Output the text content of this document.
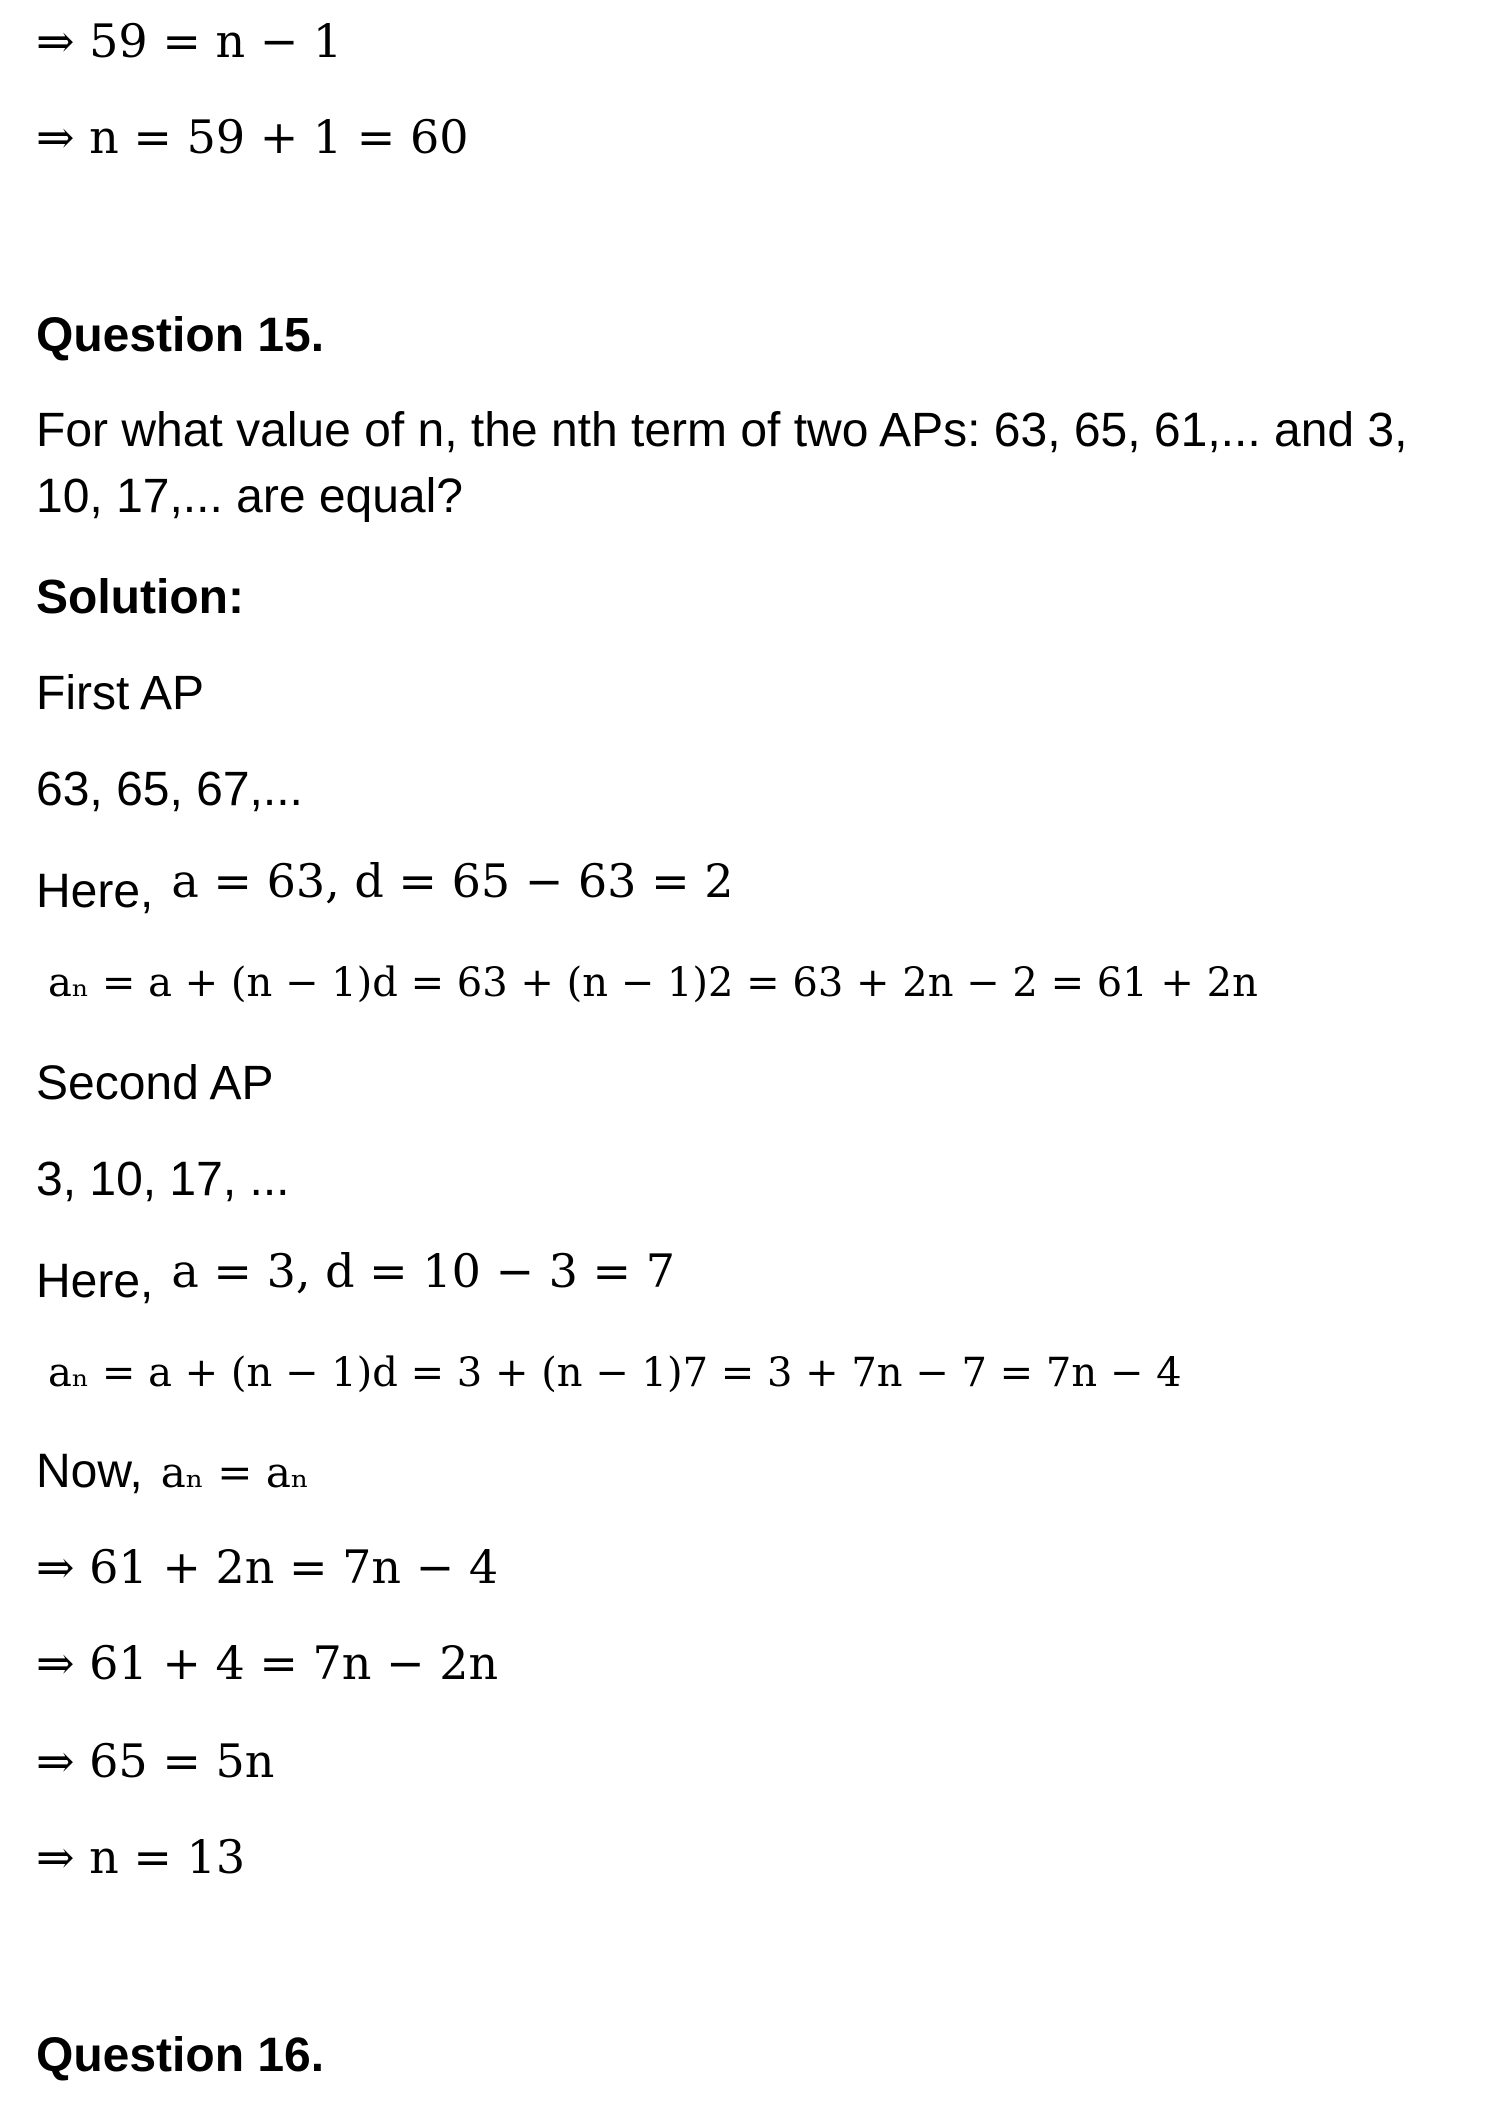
⇒ 59 = n − 1
⇒ n = 59 + 1 = 60
Question 15.
For what value of n, the nth term of two APs: 63, 65, 61,... and 3, 10, 17,... are equal?
Solution:
First AP
63, 65, 67,...
Here, a = 63, d = 65 − 63 = 2
aₙ = a + (n − 1)d = 63 + (n − 1)2 = 63 + 2n − 2 = 61 + 2n
Second AP
3, 10, 17, ...
Here, a = 3, d = 10 − 3 = 7
aₙ = a + (n − 1)d = 3 + (n − 1)7 = 3 + 7n − 7 = 7n − 4
Now, aₙ = aₙ
⇒ 61 + 2n = 7n − 4
⇒ 61 + 4 = 7n − 2n
⇒ 65 = 5n
⇒ n = 13
Question 16.
